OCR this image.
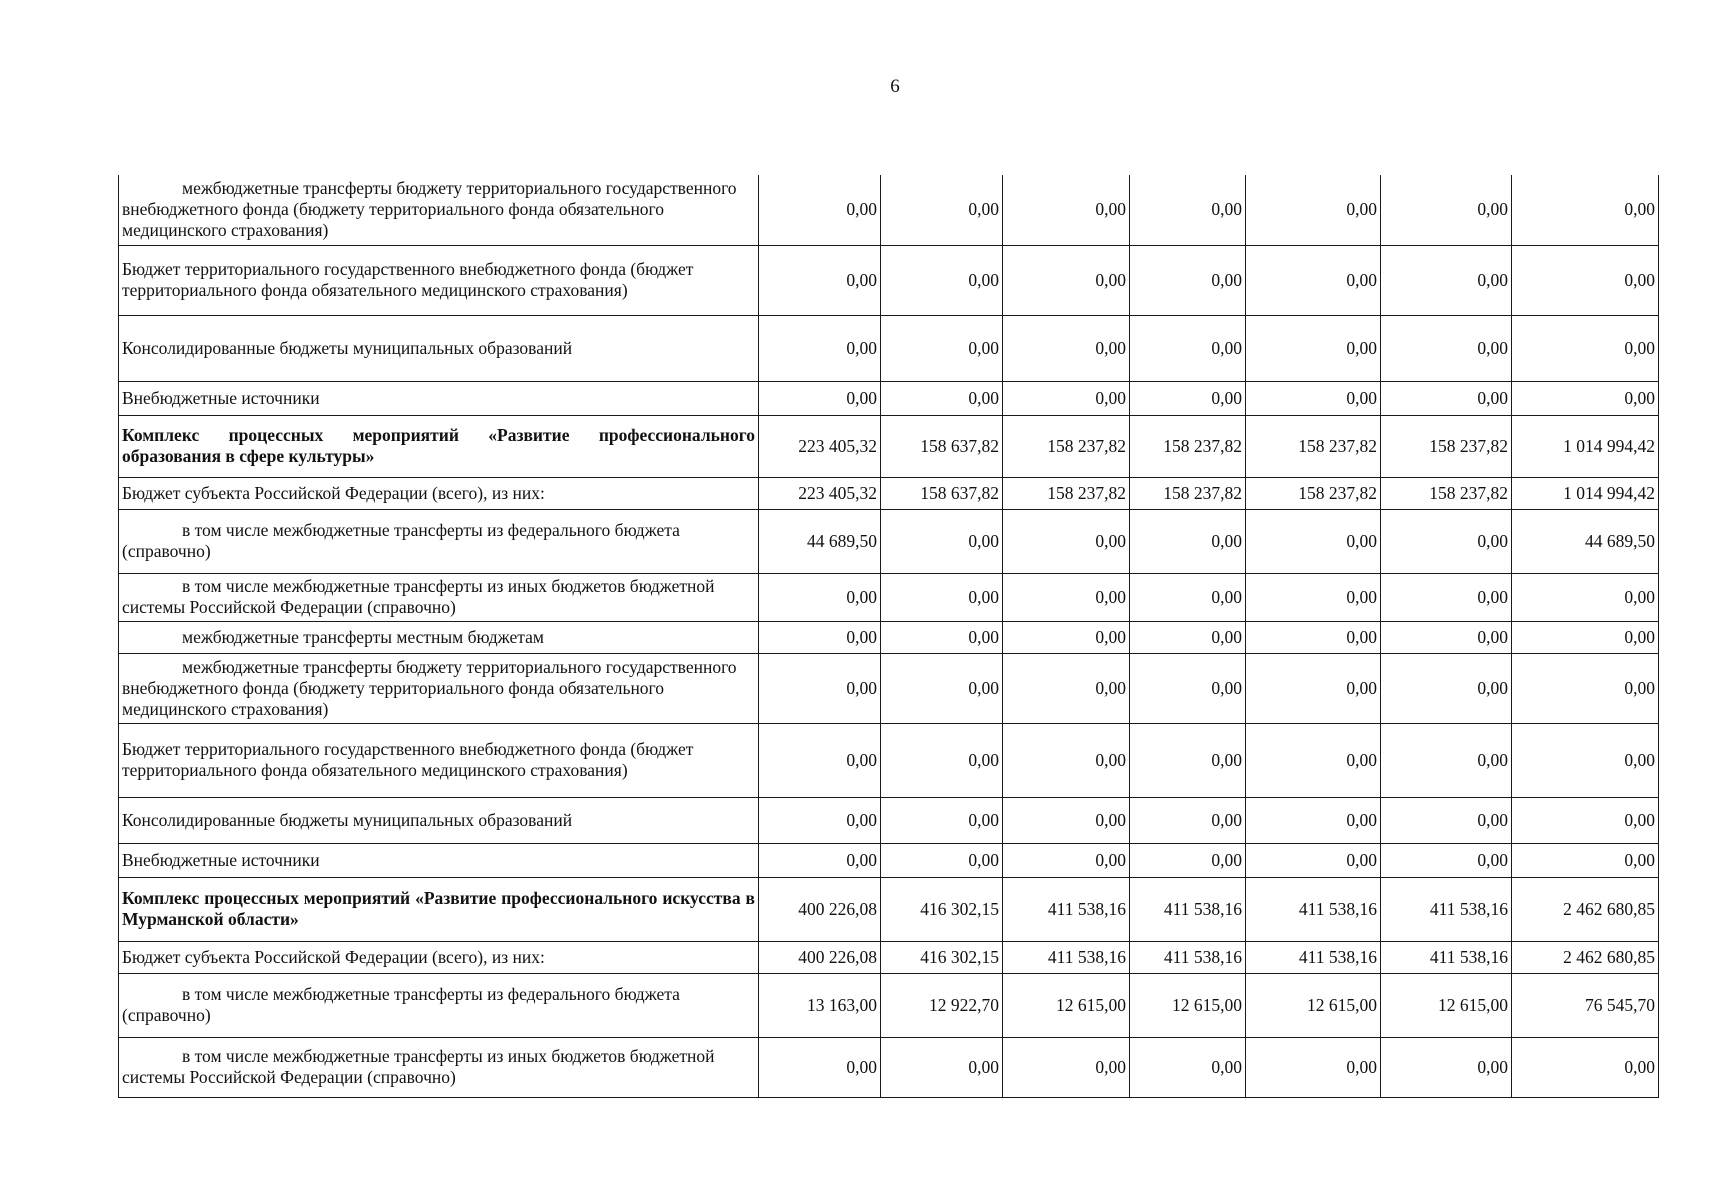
6
межбюджетные трансферты бюджету территориального государственного внебюджетного фонда (бюджету территориального фонда обязательного медицинского страхования)	0,00	0,00	0,00	0,00	0,00	0,00	0,00
Бюджет территориального государственного внебюджетного фонда (бюджет территориального фонда обязательного медицинского страхования)	0,00	0,00	0,00	0,00	0,00	0,00	0,00
Консолидированные бюджеты муниципальных образований	0,00	0,00	0,00	0,00	0,00	0,00	0,00
Внебюджетные источники	0,00	0,00	0,00	0,00	0,00	0,00	0,00
Комплекс процессных мероприятий «Развитие профессионального образования в сфере культуры»	223 405,32	158 637,82	158 237,82	158 237,82	158 237,82	158 237,82	1 014 994,42
Бюджет субъекта Российской Федерации (всего), из них:	223 405,32	158 637,82	158 237,82	158 237,82	158 237,82	158 237,82	1 014 994,42
в том числе межбюджетные трансферты из федерального бюджета (справочно)	44 689,50	0,00	0,00	0,00	0,00	0,00	44 689,50
в том числе межбюджетные трансферты из иных бюджетов бюджетной системы Российской Федерации (справочно)	0,00	0,00	0,00	0,00	0,00	0,00	0,00
межбюджетные трансферты местным бюджетам	0,00	0,00	0,00	0,00	0,00	0,00	0,00
межбюджетные трансферты бюджету территориального государственного внебюджетного фонда (бюджету территориального фонда обязательного медицинского страхования)	0,00	0,00	0,00	0,00	0,00	0,00	0,00
Бюджет территориального государственного внебюджетного фонда (бюджет территориального фонда обязательного медицинского страхования)	0,00	0,00	0,00	0,00	0,00	0,00	0,00
Консолидированные бюджеты муниципальных образований	0,00	0,00	0,00	0,00	0,00	0,00	0,00
Внебюджетные источники	0,00	0,00	0,00	0,00	0,00	0,00	0,00
Комплекс процессных мероприятий «Развитие профессионального искусства в Мурманской области»	400 226,08	416 302,15	411 538,16	411 538,16	411 538,16	411 538,16	2 462 680,85
Бюджет субъекта Российской Федерации (всего), из них:	400 226,08	416 302,15	411 538,16	411 538,16	411 538,16	411 538,16	2 462 680,85
в том числе межбюджетные трансферты из федерального бюджета (справочно)	13 163,00	12 922,70	12 615,00	12 615,00	12 615,00	12 615,00	76 545,70
в том числе межбюджетные трансферты из иных бюджетов бюджетной системы Российской Федерации (справочно)	0,00	0,00	0,00	0,00	0,00	0,00	0,00
